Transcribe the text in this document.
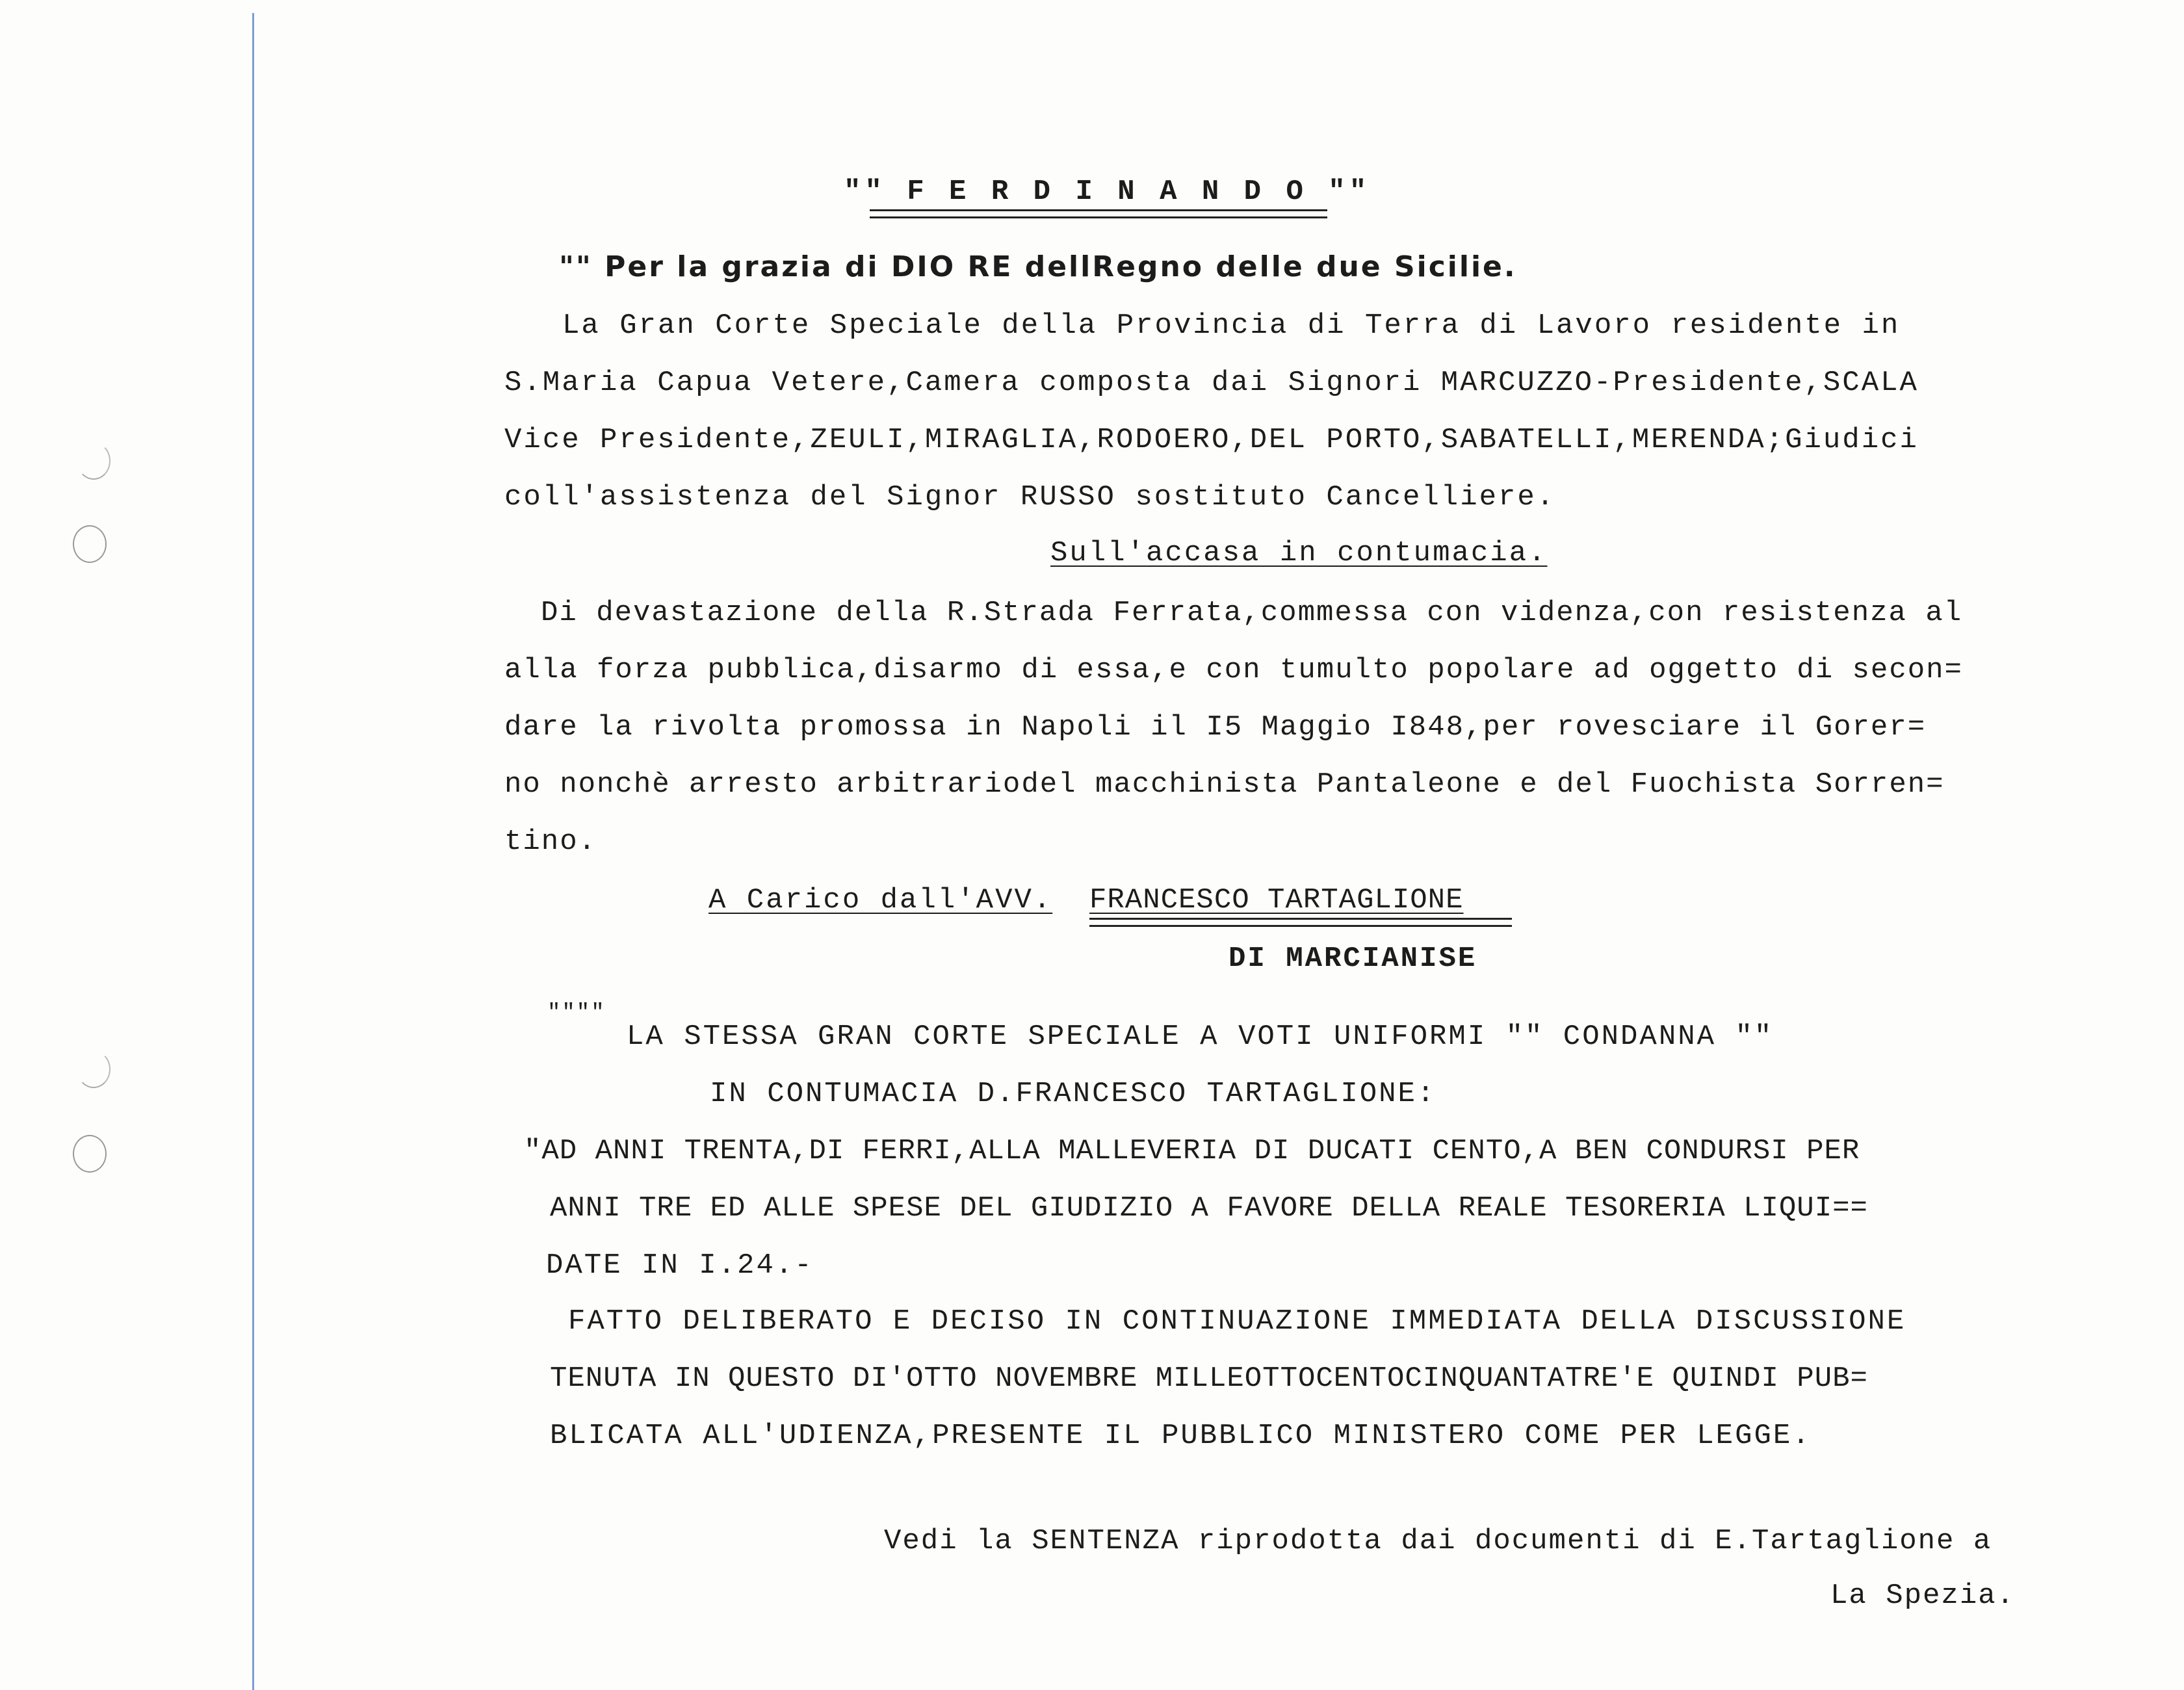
"" F E R D I N A N D O ""
"" Per la grazia di DIO RE dellRegno delle due Sicilie.
La Gran Corte Speciale della Provincia di Terra di Lavoro residente in
S.Maria Capua Vetere,Camera composta dai Signori MARCUZZO-Presidente,SCALA
Vice Presidente,ZEULI,MIRAGLIA,RODOERO,DEL PORTO,SABATELLI,MERENDA;Giudici
coll'assistenza del Signor RUSSO sostituto Cancelliere.
Sull'accasa in contumacia.
Di devastazione della R.Strada Ferrata,commessa con videnza,con resistenza al
alla forza pubblica,disarmo di essa,e con tumulto popolare ad oggetto di secon=
dare la rivolta promossa in Napoli il I5 Maggio I848,per rovesciare il Gorer=
no nonchè arresto arbitrariodel macchinista Pantaleone e del Fuochista Sorren=
tino.
A Carico dall'AVV. FRANCESCO TARTAGLIONE
DI MARCIANISE
""""
LA STESSA GRAN CORTE SPECIALE A VOTI UNIFORMI "" CONDANNA ""
IN CONTUMACIA D.FRANCESCO TARTAGLIONE:
"AD ANNI TRENTA,DI FERRI,ALLA MALLEVERIA DI DUCATI CENTO,A BEN CONDURSI PER
ANNI TRE ED ALLE SPESE DEL GIUDIZIO A FAVORE DELLA REALE TESORERIA LIQUI==
DATE IN I.24.-
FATTO DELIBERATO E DECISO IN CONTINUAZIONE IMMEDIATA DELLA DISCUSSIONE
TENUTA IN QUESTO DI'OTTO NOVEMBRE MILLEOTTOCENTOCINQUANTATRE'E QUINDI PUB=
BLICATA ALL'UDIENZA,PRESENTE IL PUBBLICO MINISTERO COME PER LEGGE.
Vedi la SENTENZA riprodotta dai documenti di E.Tartaglione a
La Spezia.
